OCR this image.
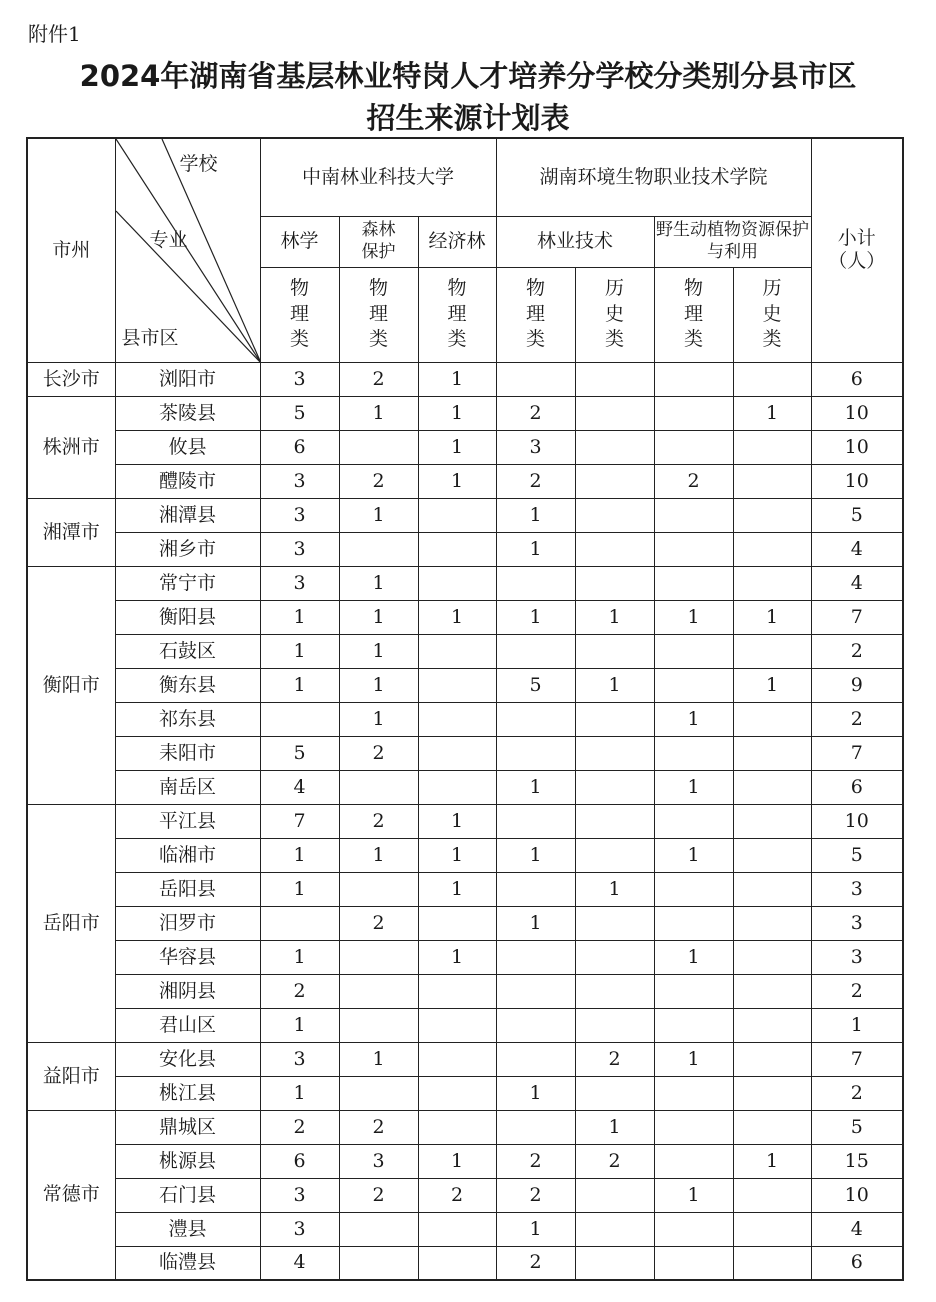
附件1
2024年湖南省基层林业特岗人才培养分学校分类别分县市区
招生来源计划表
市州	学校
专业
县市区	中南林业科技大学			湖南环境生物职业技术学院				小计（人）

		林学	森林保护	经济林	林业技术		野生动植物资源保护与利用		

		物理类	物理类	物理类	物理类	历史类	物理类	历史类	

长沙市	浏阳市	3	2	1					6
株洲市	茶陵县	5	1	1	2			1	10
	攸县	6		1	3				10
	醴陵市	3	2	1	2		2		10
湘潭市	湘潭县	3	1		1				5
	湘乡市	3			1				4
衡阳市	常宁市	3	1						4
	衡阳县	1	1	1	1	1	1	1	7
	石鼓区	1	1						2
	衡东县	1	1		5	1		1	9
	祁东县		1				1		2
	耒阳市	5	2						7
	南岳区	4			1		1		6
岳阳市	平江县	7	2	1					10
	临湘市	1	1	1	1		1		5
	岳阳县	1		1		1			3
	汨罗市		2		1				3
	华容县	1		1			1		3
	湘阴县	2							2
	君山区	1							1
益阳市	安化县	3	1			2	1		7
	桃江县	1			1				2
常德市	鼎城区	2	2			1			5
	桃源县	6	3	1	2	2		1	15
	石门县	3	2	2	2		1		10
	澧县	3			1				4
	临澧县	4			2				6
